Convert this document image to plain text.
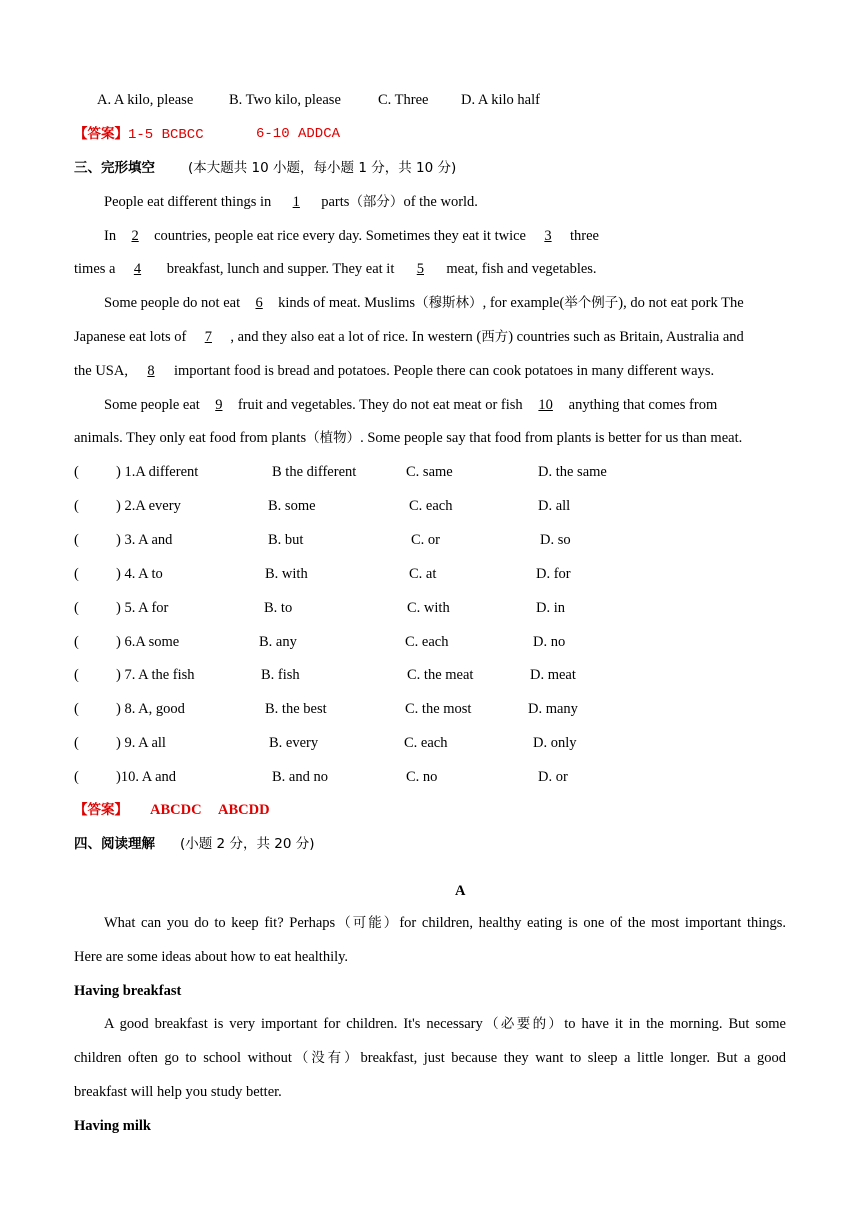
A. A kilo, please B. Two kilo, please	C. Three D. A kilo half
【答案】1-5 BCBCC	6-10 ADDCA
三、完形填空 (本大题共 10 小题，每小题 1 分，共 10 分)
People eat different things in 1 parts（部分）of the world.
In 2 countries, people eat rice every day. Sometimes they eat it twice 3 three
times a 4 breakfast, lunch and supper. They eat it 5 meat, fish and vegetables.
Some people do not eat 6 kinds of meat. Muslims（穆斯林）, for example(举个例子), do not eat pork The
Japanese eat lots of 7 , and they also eat a lot of rice. In western (西方) countries such as Britain, Australia and
the USA, 8 important food is bread and potatoes. People there can cook potatoes in many different ways.
Some people eat 9 fruit and vegetables. They do not eat meat or fish 10 anything that comes from
animals. They only eat food from plants（植物）. Some people say that food from plants is better for us than meat.
(	) 1.A different	B the different	C. same	D. the same
(	) 2.A every	B. some	C. each	D. all
(	) 3. A and	B. but	C. or	D. so
(	) 4. A to	B. with	C. at	D. for
(	) 5. A for	B. to	C. with	D. in
(	) 6.A some	B. any	C. each	D. no
(	) 7. A the fish	B. fish	C. the meat	D. meat
(	) 8. A, good	B. the best	C. the most	D. many
(	) 9. A all	B. every	C. each	D. only
(	)10. A and	B. and no	C. no	D. or
【答案】 ABCDC ABCDD
四、阅读理解 (小题 2 分，共 20 分)
A
What can you do to keep fit? Perhaps（可能）for children, healthy eating is one of the most important things.
Here are some ideas about how to eat healthily.
Having breakfast
A good breakfast is very important for children. It's necessary（必要的）to have it in the morning. But some
children often go to school without（没有）breakfast, just because they want to sleep a little longer. But a good
breakfast will help you study better.
Having milk
